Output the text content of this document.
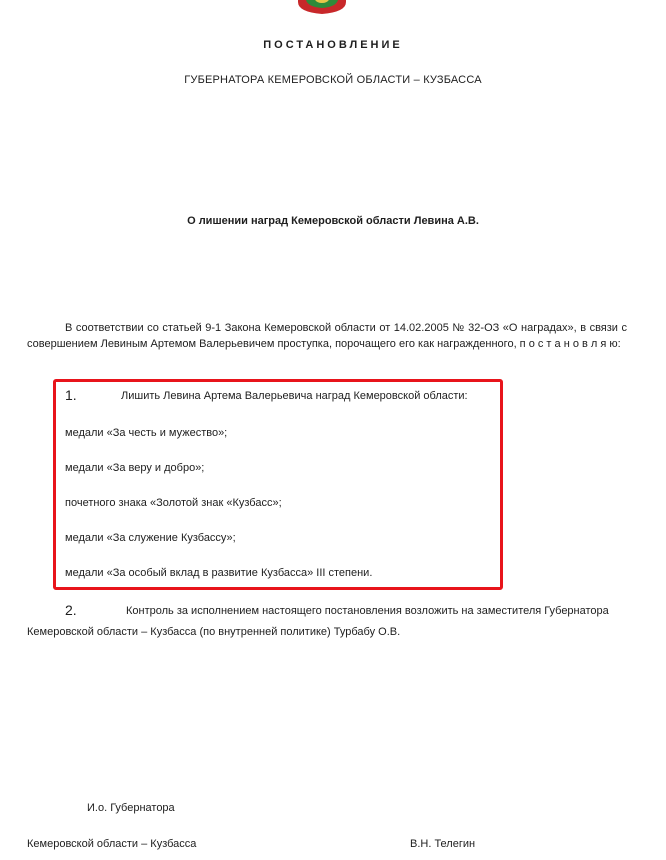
ПОСТАНОВЛЕНИЕ
ГУБЕРНАТОРА КЕМЕРОВСКОЙ ОБЛАСТИ – КУЗБАССА
О лишении наград Кемеровской области Левина А.В.
В соответствии со статьей 9-1 Закона Кемеровской области от 14.02.2005 № 32-ОЗ «О наградах», в связи с совершением Левиным Артемом Валерьевичем проступка, порочащего его как награжденного, п о с т а н о в л я ю:
1.	Лишить Левина Артема Валерьевича наград Кемеровской области:
медали «За честь и мужество»;
медали «За веру и добро»;
почетного знака «Золотой знак «Кузбасс»;
медали «За служение Кузбассу»;
медали «За особый вклад в развитие Кузбасса» III степени.
2.	Контроль за исполнением настоящего постановления возложить на заместителя Губернатора
Кемеровской области – Кузбасса (по внутренней политике) Турбабу О.В.
И.о. Губернатора
Кемеровской области – Кузбасса	В.Н. Телегин
